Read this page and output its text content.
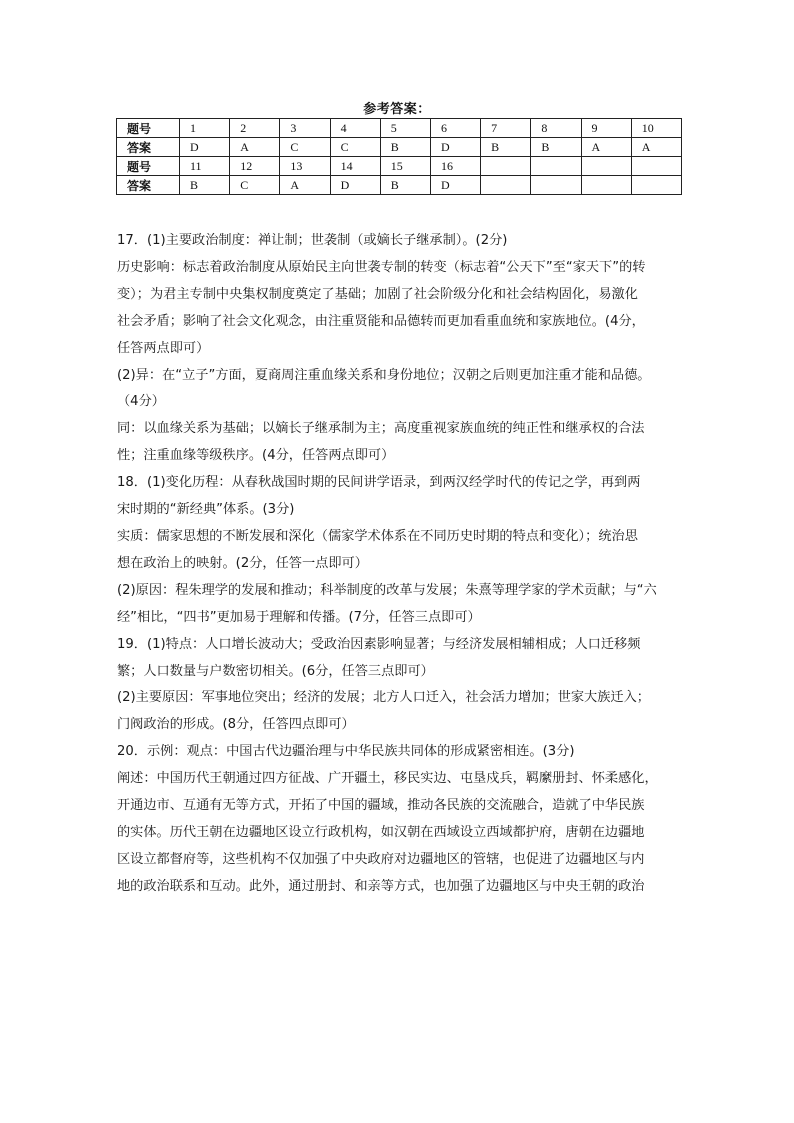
参考答案：
题号	1	2	3	4	5	6	7	8	9	10
答案	D	A	C	C	B	D	B	B	A	A
题号	11	12	13	14	15	16				
答案	B	C	A	D	B	D				

17．(1)主要政治制度：禅让制；世袭制（或嫡长子继承制）。(2分)

历史影响：标志着政治制度从原始民主向世袭专制的转变（标志着“公天下”至“家天下”的转

变）；为君主专制中央集权制度奠定了基础；加剧了社会阶级分化和社会结构固化，易激化

社会矛盾；影响了社会文化观念，由注重贤能和品德转而更加看重血统和家族地位。(4分，

任答两点即可）

(2)异：在“立子”方面，夏商周注重血缘关系和身份地位；汉朝之后则更加注重才能和品德。

（4分）

同：以血缘关系为基础；以嫡长子继承制为主；高度重视家族血统的纯正性和继承权的合法

性；注重血缘等级秩序。(4分，任答两点即可）

18．(1)变化历程：从春秋战国时期的民间讲学语录，到两汉经学时代的传记之学，再到两

宋时期的“新经典”体系。(3分)

实质：儒家思想的不断发展和深化（儒家学术体系在不同历史时期的特点和变化）；统治思

想在政治上的映射。(2分，任答一点即可）

(2)原因：程朱理学的发展和推动；科举制度的改革与发展；朱熹等理学家的学术贡献；与“六

经”相比，“四书”更加易于理解和传播。(7分，任答三点即可）

19．(1)特点：人口增长波动大；受政治因素影响显著；与经济发展相辅相成；人口迁移频

繁；人口数量与户数密切相关。(6分，任答三点即可）

(2)主要原因：军事地位突出；经济的发展；北方人口迁入，社会活力增加；世家大族迁入；

门阀政治的形成。(8分，任答四点即可）

20．示例：观点：中国古代边疆治理与中华民族共同体的形成紧密相连。(3分)

阐述：中国历代王朝通过四方征战、广开疆土，移民实边、屯垦戍兵，羁縻册封、怀柔感化，

开通边市、互通有无等方式，开拓了中国的疆域，推动各民族的交流融合，造就了中华民族

的实体。历代王朝在边疆地区设立行政机构，如汉朝在西域设立西域都护府，唐朝在边疆地

区设立都督府等，这些机构不仅加强了中央政府对边疆地区的管辖，也促进了边疆地区与内

地的政治联系和互动。此外，通过册封、和亲等方式，也加强了边疆地区与中央王朝的政治
